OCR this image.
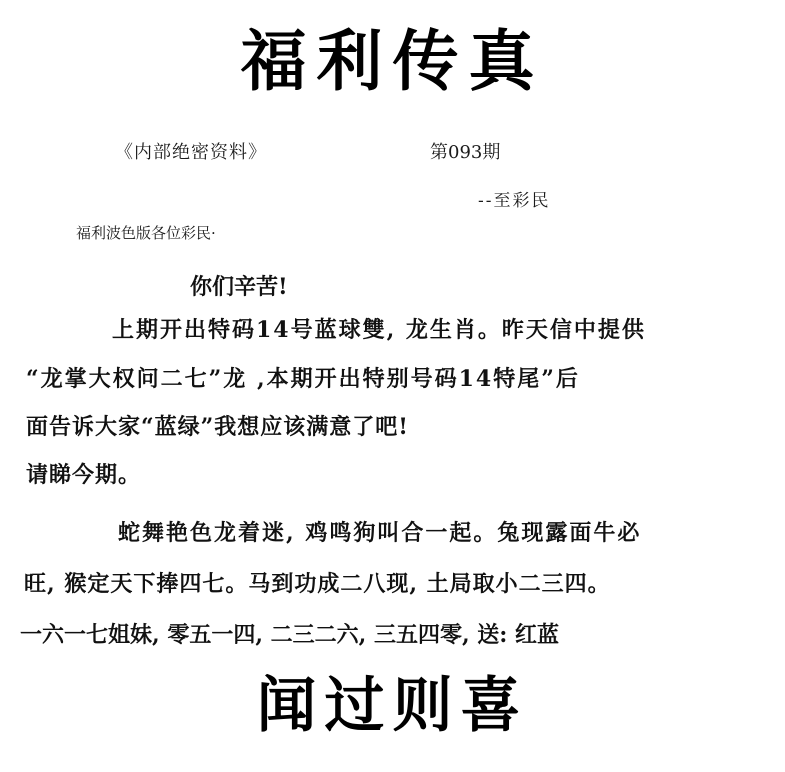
福利传真
《内部绝密资料》	第093期
--至彩民
福利波色版各位彩民·
你们辛苦!
上期开出特码14号蓝球雙, 龙生肖。昨天信中提供
“龙掌大权问二七”龙 ,本期开出特别号码14特尾”后
面告诉大家“蓝绿”我想应该满意了吧!
请睇今期。
蛇舞艳色龙着迷, 鸡鸣狗叫合一起。兔现露面牛必
旺, 猴定天下捧四七。马到功成二八现, 土局取小二三四。
一六一七姐妹, 零五一四, 二三二六, 三五四零, 送: 红蓝
闻过则喜
